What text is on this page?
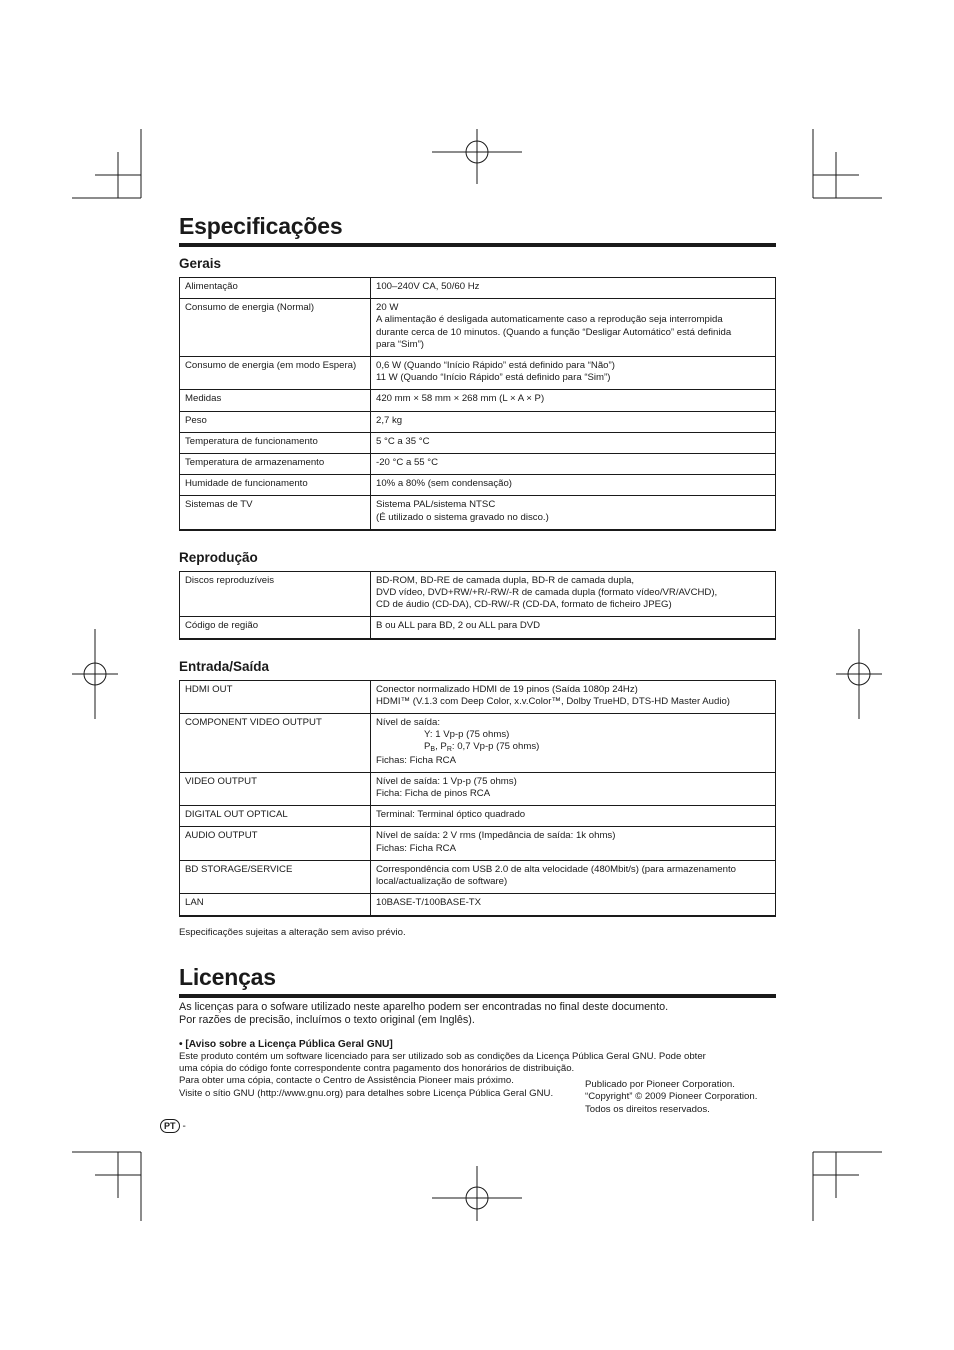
Especificações
Gerais
Alimentação	100–240V CA, 50/60 Hz

Consumo de energia (Normal)	20 W
A alimentação é desligada automaticamente caso a reprodução seja interrompida
durante cerca de 10 minutos. (Quando a função “Desligar Automático” está definida
para “Sim”)

Consumo de energia (em modo Espera)	0,6 W (Quando “Início Rápido” está definido para “Não”)
11 W (Quando “Início Rápido” está definido para “Sim”)

Medidas	420 mm × 58 mm × 268 mm (L × A × P)

Peso	2,7 kg

Temperatura de funcionamento	5 °C a 35 °C

Temperatura de armazenamento	-20 °C a 55 °C

Humidade de funcionamento	10% a 80% (sem condensação)

Sistemas de TV	Sistema PAL/sistema NTSC
(É utilizado o sistema gravado no disco.)
Reprodução
Discos reproduzíveis	BD-ROM, BD-RE de camada dupla, BD-R de camada dupla,
DVD vídeo, DVD+RW/+R/-RW/-R de camada dupla (formato vídeo/VR/AVCHD),
CD de áudio (CD-DA), CD-RW/-R (CD-DA, formato de ficheiro JPEG)

Código de região	B ou ALL para BD, 2 ou ALL para DVD
Entrada/Saída
HDMI OUT	Conector normalizado HDMI de 19 pinos (Saída 1080p 24Hz)
HDMI™ (V.1.3 com Deep Color, x.v.Color™, Dolby TrueHD, DTS-HD Master Audio)

COMPONENT VIDEO OUTPUT	Nível de saída:
Y: 1 Vp-p (75 ohms)
$P_B$, $P_R$: 0,7 Vp-p (75 ohms)
Fichas: Ficha RCA

VIDEO OUTPUT	Nível de saída: 1 Vp-p (75 ohms)
Ficha: Ficha de pinos RCA

DIGITAL OUT OPTICAL	Terminal: Terminal óptico quadrado

AUDIO OUTPUT	Nível de saída: 2 V rms (Impedância de saída: 1k ohms)
Fichas: Ficha RCA

BD STORAGE/SERVICE	Correspondência com USB 2.0 de alta velocidade (480Mbit/s) (para armazenamento
local/actualização de software)

LAN	10BASE-T/100BASE-TX
Especificações sujeitas a alteração sem aviso prévio.
Licenças
As licenças para o sofware utilizado neste aparelho podem ser encontradas no final deste documento.
Por razões de precisão, incluímos o texto original (em Inglês).
• [Aviso sobre a Licença Pública Geral GNU]
Este produto contém um software licenciado para ser utilizado sob as condições da Licença Pública Geral GNU. Pode obter
uma cópia do código fonte correspondente contra pagamento dos honorários de distribuição.
Para obter uma cópia, contacte o Centro de Assistência Pioneer mais próximo.
Visite o sítio GNU (http://www.gnu.org) para detalhes sobre Licença Pública Geral GNU.
Publicado por Pioneer Corporation.
“Copyright” © 2009 Pioneer Corporation.
Todos os direitos reservados.
PT -
